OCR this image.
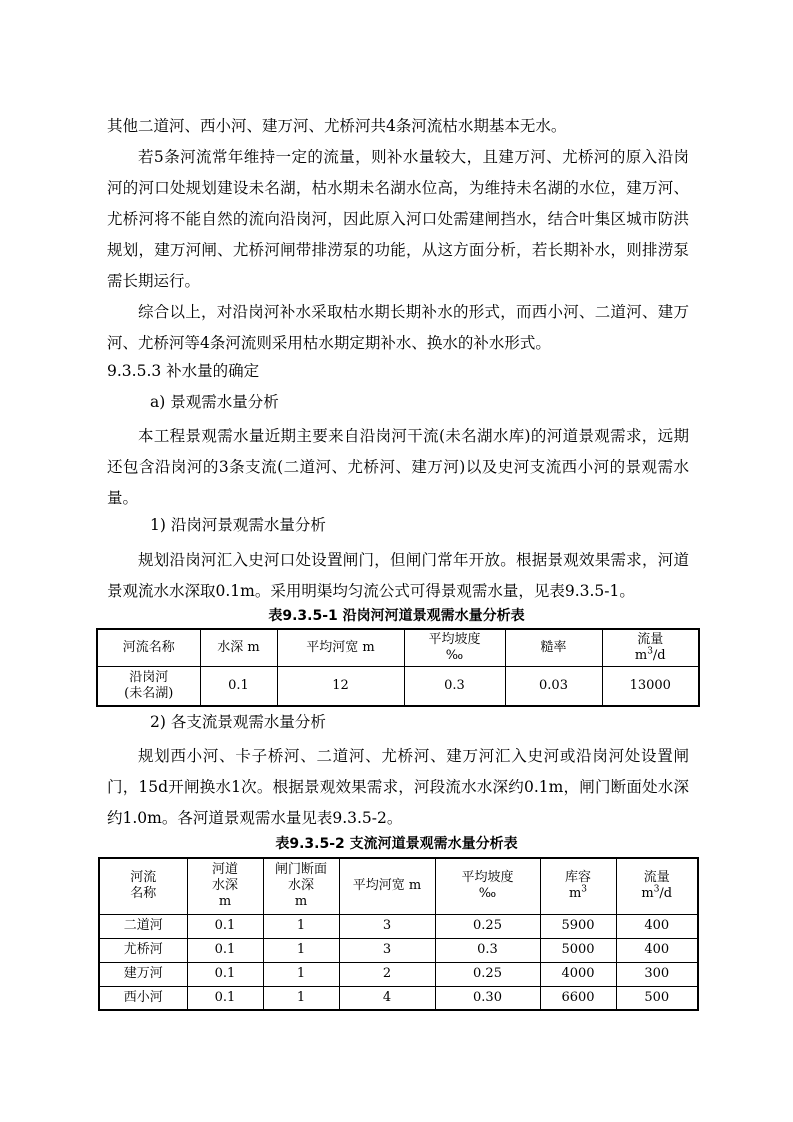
其他二道河、西小河、建万河、尤桥河共4条河流枯水期基本无水。

若5条河流常年维持一定的流量，则补水量较大，且建万河、尤桥河的原入沿岗河的河口处规划建设未名湖，枯水期未名湖水位高，为维持未名湖的水位，建万河、尤桥河将不能自然的流向沿岗河，因此原入河口处需建闸挡水，结合叶集区城市防洪规划，建万河闸、尤桥河闸带排涝泵的功能，从这方面分析，若长期补水，则排涝泵需长期运行。

综合以上，对沿岗河补水采取枯水期长期补水的形式，而西小河、二道河、建万河、尤桥河等4条河流则采用枯水期定期补水、换水的补水形式。

9.3.5.3 补水量的确定

a) 景观需水量分析

本工程景观需水量近期主要来自沿岗河干流(未名湖水库)的河道景观需求，远期还包含沿岗河的3条支流(二道河、尤桥河、建万河)以及史河支流西小河的景观需水量。

1) 沿岗河景观需水量分析

规划沿岗河汇入史河口处设置闸门，但闸门常年开放。根据景观效果需求，河道景观流水水深取0.1m。采用明渠均匀流公式可得景观需水量，见表9.3.5-1。

表9.3.5-1 沿岗河河道景观需水量分析表

河流名称	水深 m	平均河宽 m	平均坡度
‰	糙率	流量
$m^3/d$
沿岗河
(未名湖)	0.1	12	0.3	0.03	13000

2) 各支流景观需水量分析

规划西小河、卡子桥河、二道河、尤桥河、建万河汇入史河或沿岗河处设置闸门，15d开闸换水1次。根据景观效果需求，河段流水水深约0.1m，闸门断面处水深约1.0m。各河道景观需水量见表9.3.5-2。

表9.3.5-2 支流河道景观需水量分析表

河流
名称	河道
水深
m	闸门断面
水深
m	平均河宽 m	平均坡度
‰	库容
$m^3$	流量
$m^3/d$
二道河	0.1	1	3	0.25	5900	400
尤桥河	0.1	1	3	0.3	5000	400
建万河	0.1	1	2	0.25	4000	300
西小河	0.1	1	4	0.30	6600	500
